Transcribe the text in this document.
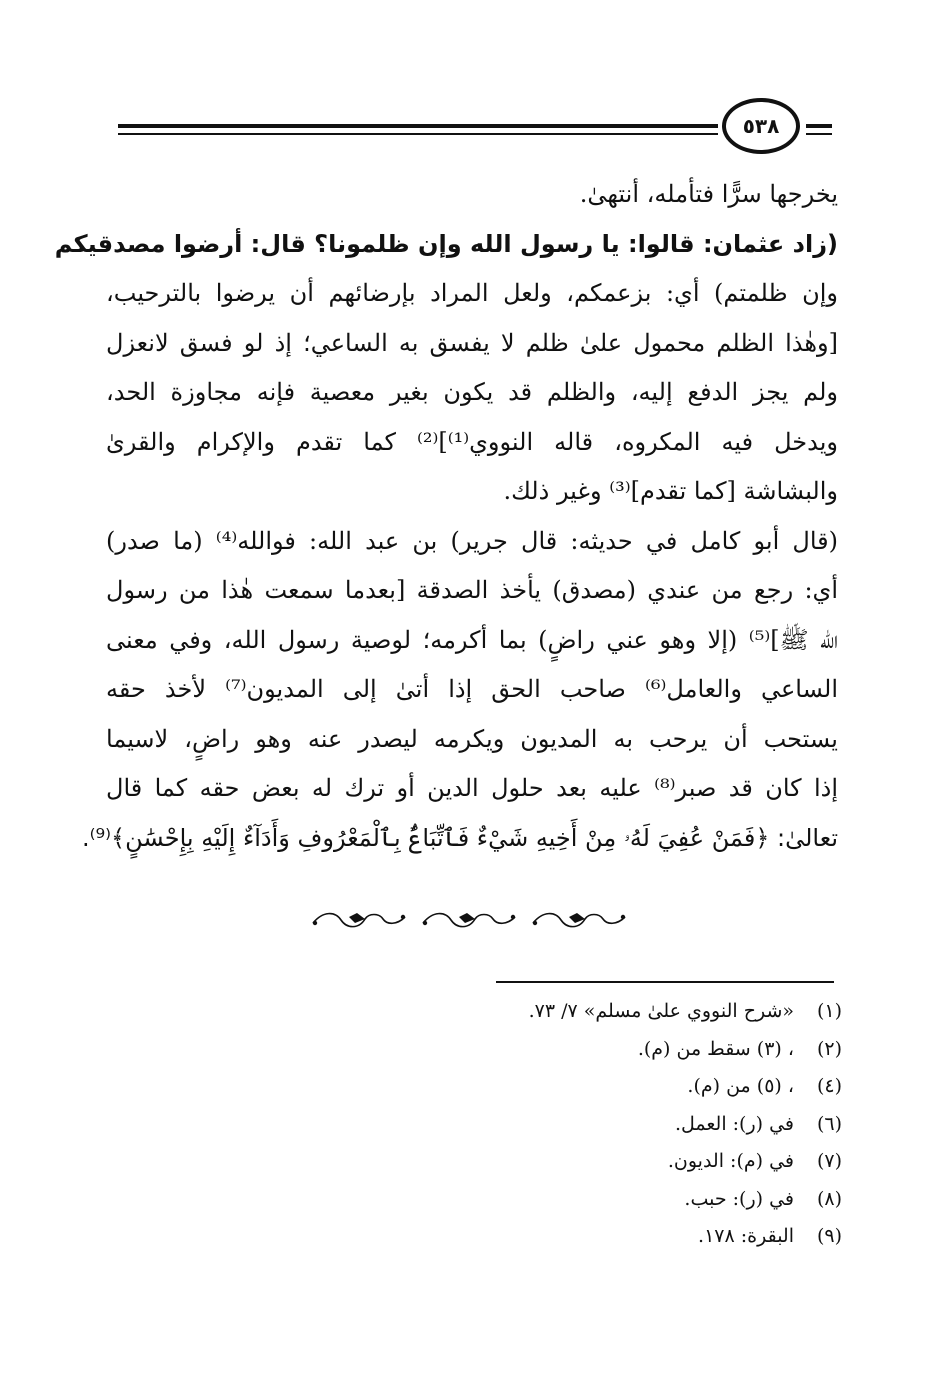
٥٣٨
يخرجها سرًّا فتأمله، أنتهىٰ.
(زاد عثمان: قالوا: يا رسول الله وإن ظلمونا؟ قال: أرضوا مصدقيكم
وإن ظلمتم) أي: بزعمكم، ولعل المراد بإرضائهم أن يرضوا بالترحيب،
[وهٰذا الظلم محمول علىٰ ظلم لا يفسق به الساعي؛ إذ لو فسق لانعزل
ولم يجز الدفع إليه، والظلم قد يكون بغير معصية فإنه مجاوزة الحد،
ويدخل فيه المكروه، قاله النووي⁽¹⁾]⁽²⁾ كما تقدم والإكرام والقرىٰ
والبشاشة [كما تقدم]⁽³⁾ وغير ذلك.
(قال أبو كامل في حديثه: قال جرير) بن عبد الله: فوالله⁽⁴⁾ (ما صدر)
أي: رجع من عندي (مصدق) يأخذ الصدقة [بعدما سمعت هٰذا من رسول
الله ﷺ]⁽⁵⁾ (إلا وهو عني راضٍ) بما أكرمه؛ لوصية رسول الله، وفي معنى
الساعي والعامل⁽⁶⁾ صاحب الحق إذا أتىٰ إلى المديون⁽⁷⁾ لأخذ حقه
يستحب أن يرحب به المديون ويكرمه ليصدر عنه وهو راضٍ، لاسيما
إذا كان قد صبر⁽⁸⁾ عليه بعد حلول الدين أو ترك له بعض حقه كما قال
تعالىٰ: ﴿فَمَنْ عُفِيَ لَهُۥ مِنْ أَخِيهِ شَيْءٌ فَٱتِّبَاعٌۢ بِٱلْمَعْرُوفِ وَأَدَآءٌ إِلَيْهِ بِإِحْسَٰنٍ﴾⁽⁹⁾.
(١)
«شرح النووي علىٰ مسلم» ٧/ ٧٣.
(٢)
، (٣) سقط من (م).
(٤)
، (٥) من (م).
(٦)
في (ر): العمل.
(٧)
في (م): الديون.
(٨)
في (ر): حبب.
(٩)
البقرة: ١٧٨.
